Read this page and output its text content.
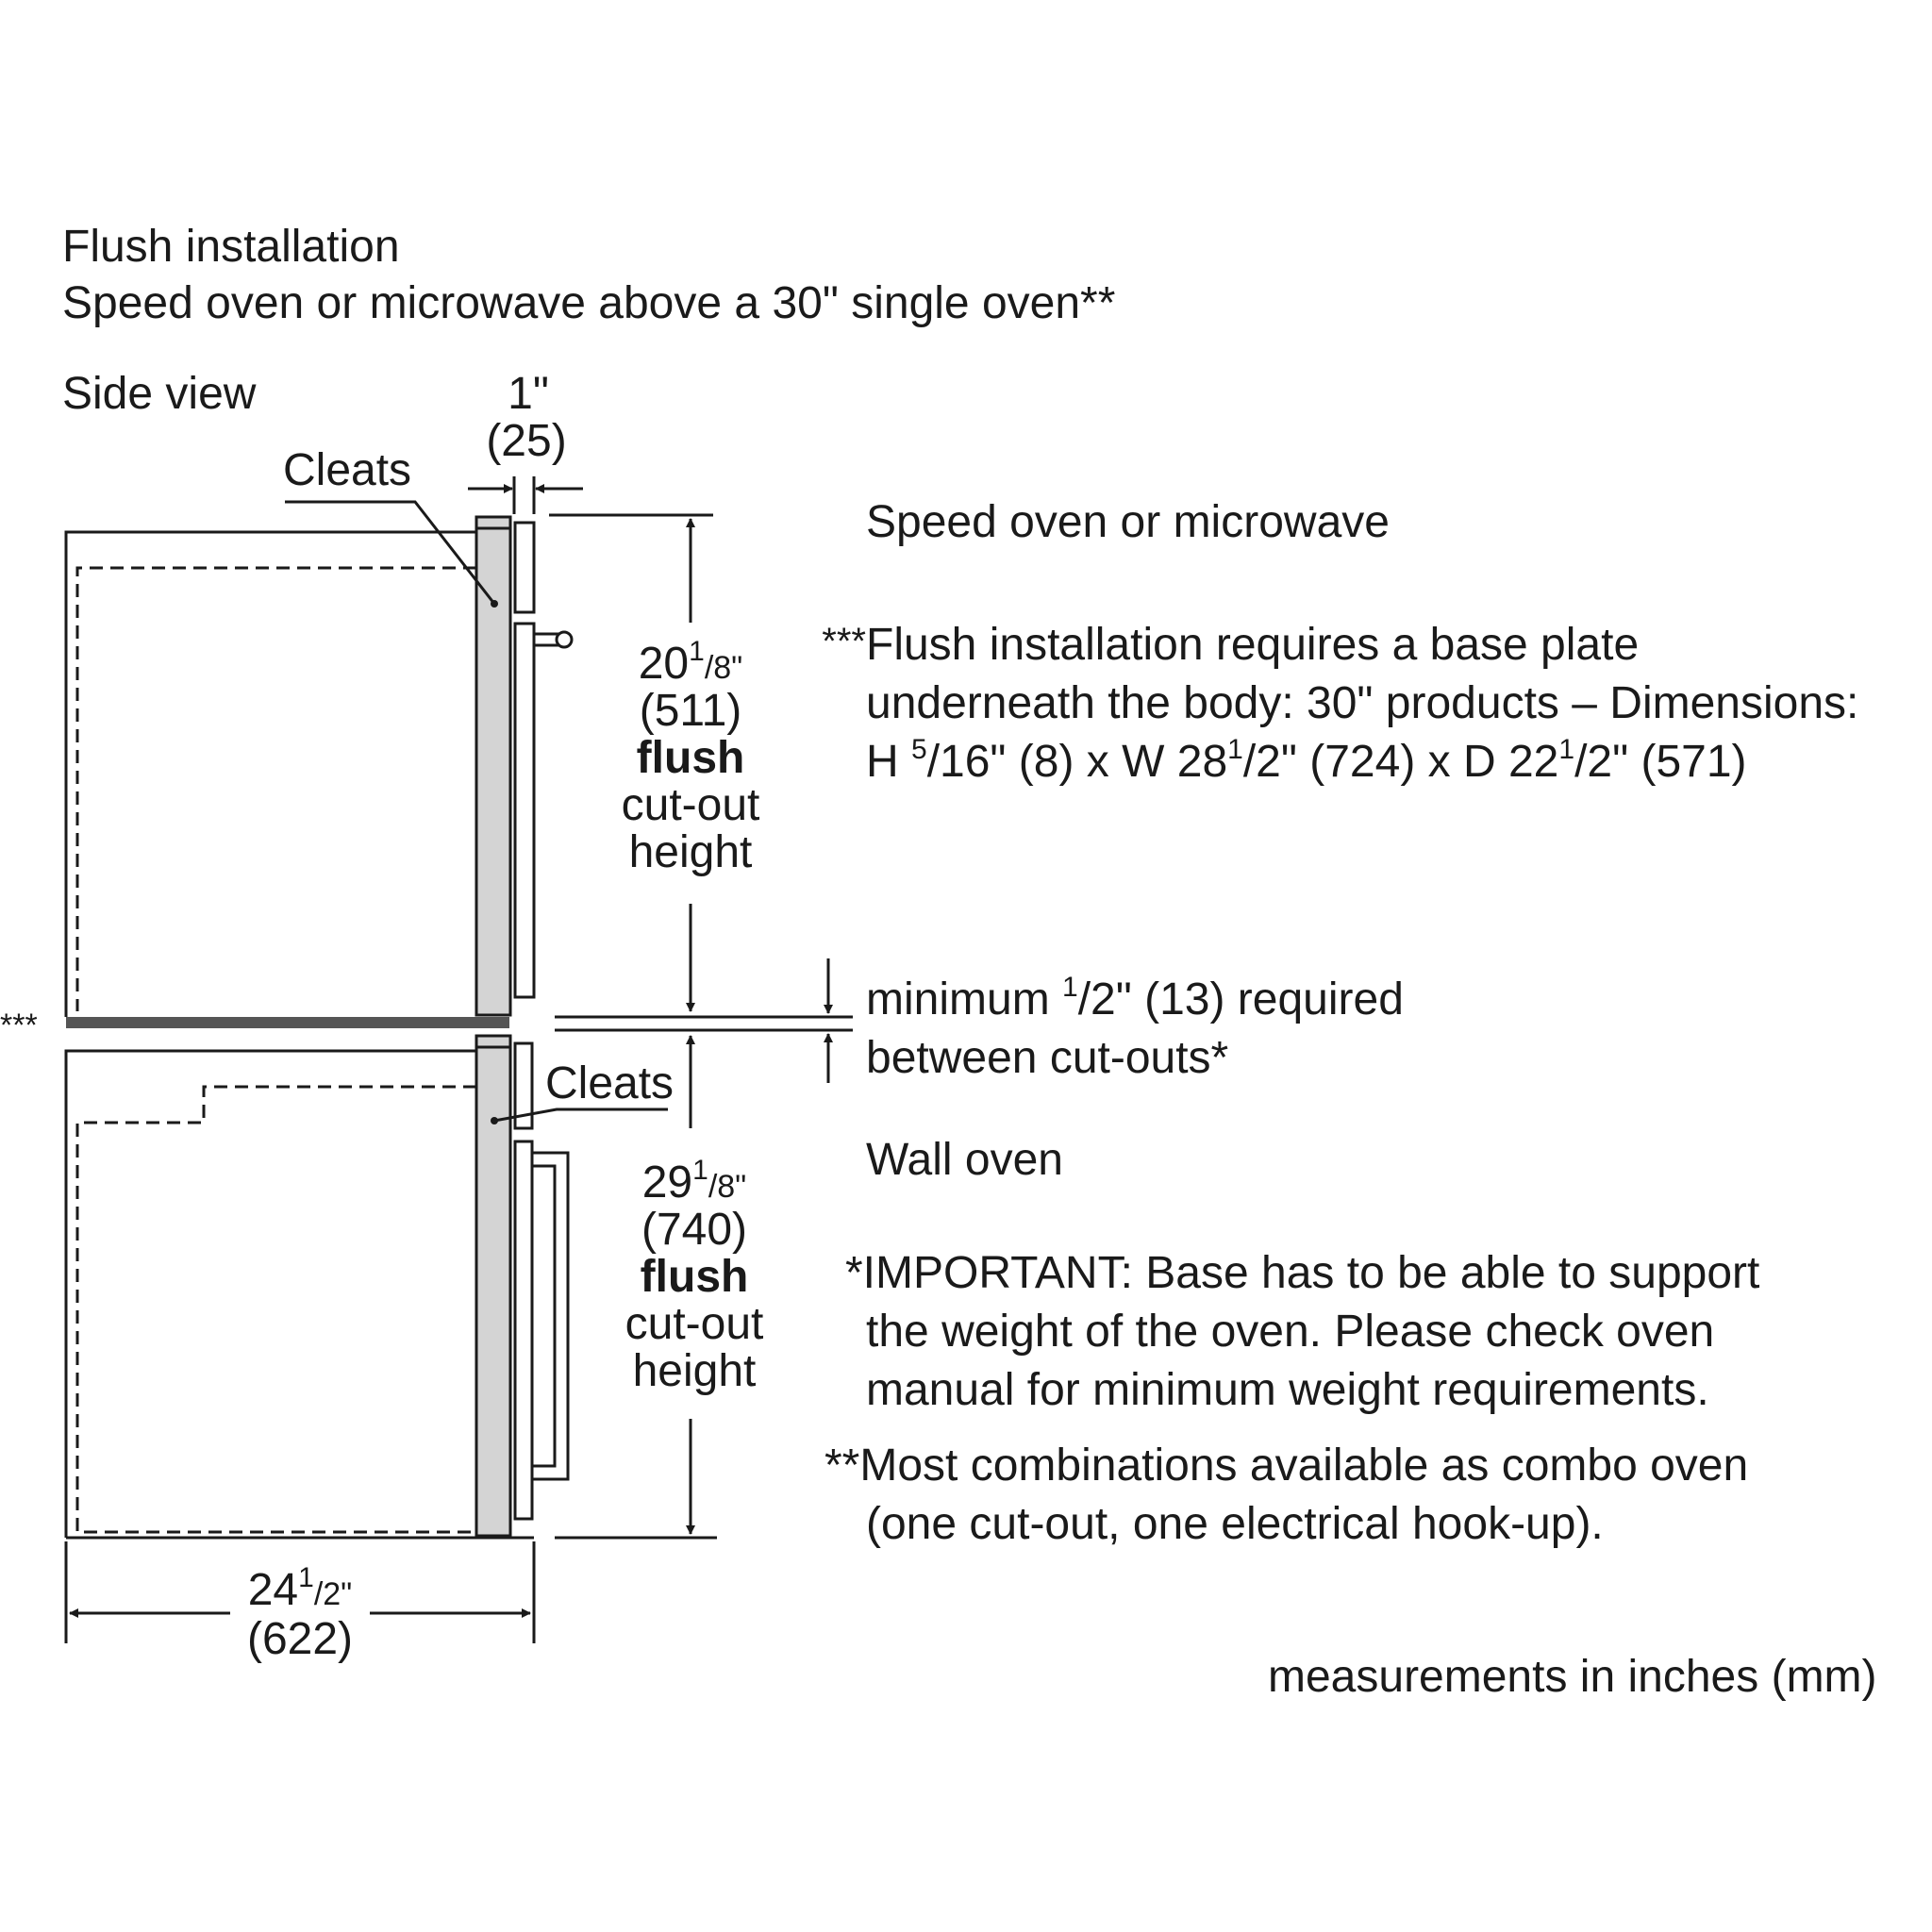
Flush installation
Speed oven or microwave above a 30" single oven**
Side view	1"
(25)
Cleats
Cleats
***
$20^1/8$"
(511)
flush
cut-out
height
$29^1/8$"
(740)
flush
cut-out
height
$24^1/2$"
(622)
Speed oven or microwave
*** Flush installation requires a base plate
underneath the body: 30" products – Dimensions:
H $^5$/16" (8) x W $28^1/2$" (724) x D $22^1/2$" (571)
minimum $^1$/2" (13) required
between cut-outs*
Wall oven
*IMPORTANT: Base has to be able to support
the weight of the oven. Please check oven
manual for minimum weight requirements.
**Most combinations available as combo oven
(one cut-out, one electrical hook-up).
measurements in inches (mm)
